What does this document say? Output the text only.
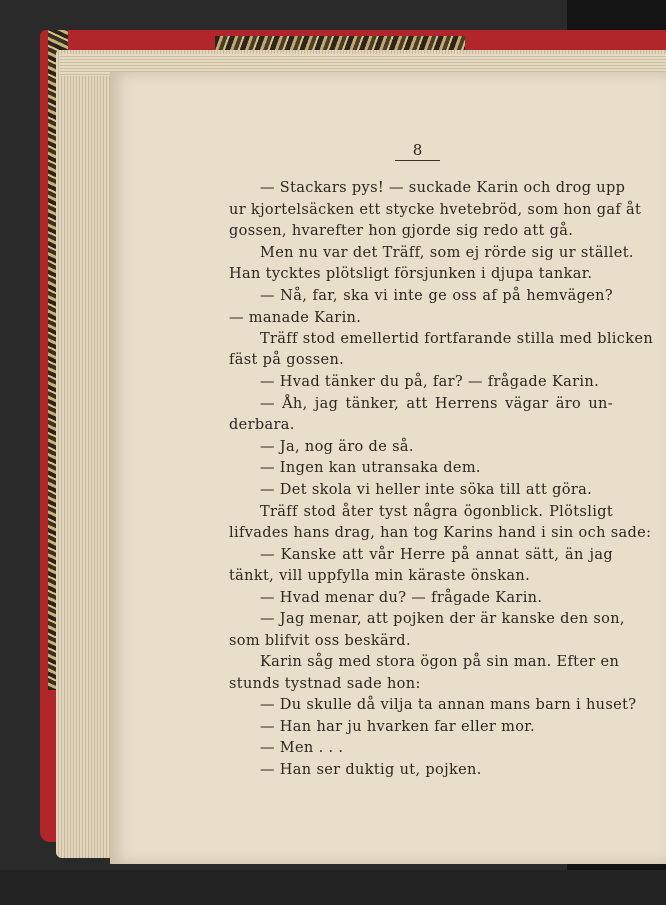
8
— Stackars pys! — suckade Karin och drog upp
ur kjortelsäcken ett stycke hvetebröd, som hon gaf åt
gossen, hvarefter hon gjorde sig redo att gå.
Men nu var det Träff, som ej rörde sig ur stället.
Han tycktes plötsligt försjunken i djupa tankar.
— Nå, far, ska vi inte ge oss af på hemvägen?
— manade Karin.
Träff stod emellertid fortfarande stilla med blicken
fäst på gossen.
— Hvad tänker du på, far? — frågade Karin.
— Åh, jag tänker, att Herrens vägar äro un-
derbara.
— Ja, nog äro de så.
— Ingen kan utransaka dem.
— Det skola vi heller inte söka till att göra.
Träff stod åter tyst några ögonblick. Plötsligt
lifvades hans drag, han tog Karins hand i sin och sade:
— Kanske att vår Herre på annat sätt, än jag
tänkt, vill uppfylla min käraste önskan.
— Hvad menar du? — frågade Karin.
— Jag menar, att pojken der är kanske den son,
som blifvit oss beskärd.
Karin såg med stora ögon på sin man. Efter en
stunds tystnad sade hon:
— Du skulle då vilja ta annan mans barn i huset?
— Han har ju hvarken far eller mor.
— Men . . .
— Han ser duktig ut, pojken.
